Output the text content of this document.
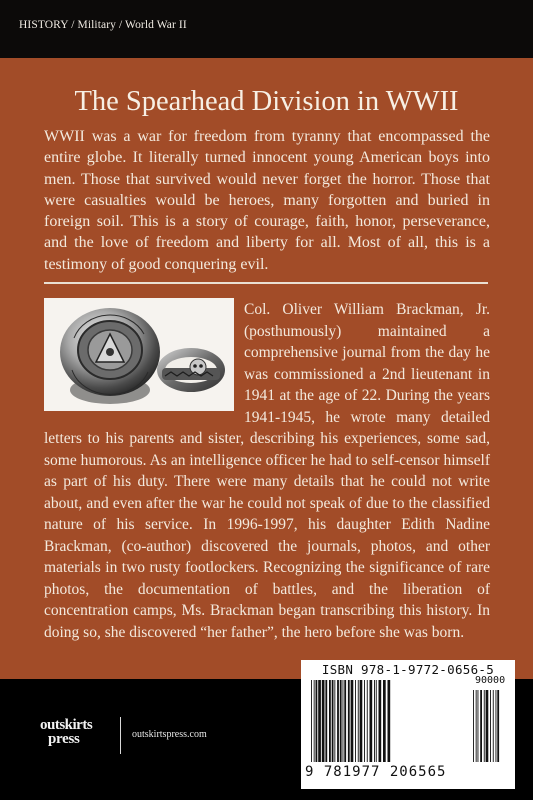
HISTORY / Military / World War II
The Spearhead Division in WWII
WWII was a war for freedom from tyranny that encompassed the entire globe. It literally turned innocent young American boys into men. Those that survived would never forget the horror. Those that were casualties would be heroes, many forgotten and buried in foreign soil. This is a story of courage, faith, honor, perseverance, and the love of freedom and liberty for all. Most of all, this is a testimony of good conquering evil.
Col. Oliver William Brackman, Jr. (posthumously) maintained a comprehensive journal from the day he was commissioned a 2nd lieutenant in 1941 at the age of 22. During the years 1941-1945, he wrote many detailed letters to his parents and sister, describing his experiences, some sad, some humorous. As an intelligence officer he had to self-censor himself as part of his duty. There were many details that he could not write about, and even after the war he could not speak of due to the classified nature of his service. In 1996-1997, his daughter Edith Nadine Brackman, (co-author) discovered the journals, photos, and other materials in two rusty footlockers. Recognizing the significance of rare photos, the documentation of battles, and the liberation of concentration camps, Ms. Brackman began transcribing this history. In doing so, she discovered “her father”, the hero before she was born.
outskirts
press	outskirtspress.com
ISBN 978-1-9772-0656-5
90000
9 781977 206565
